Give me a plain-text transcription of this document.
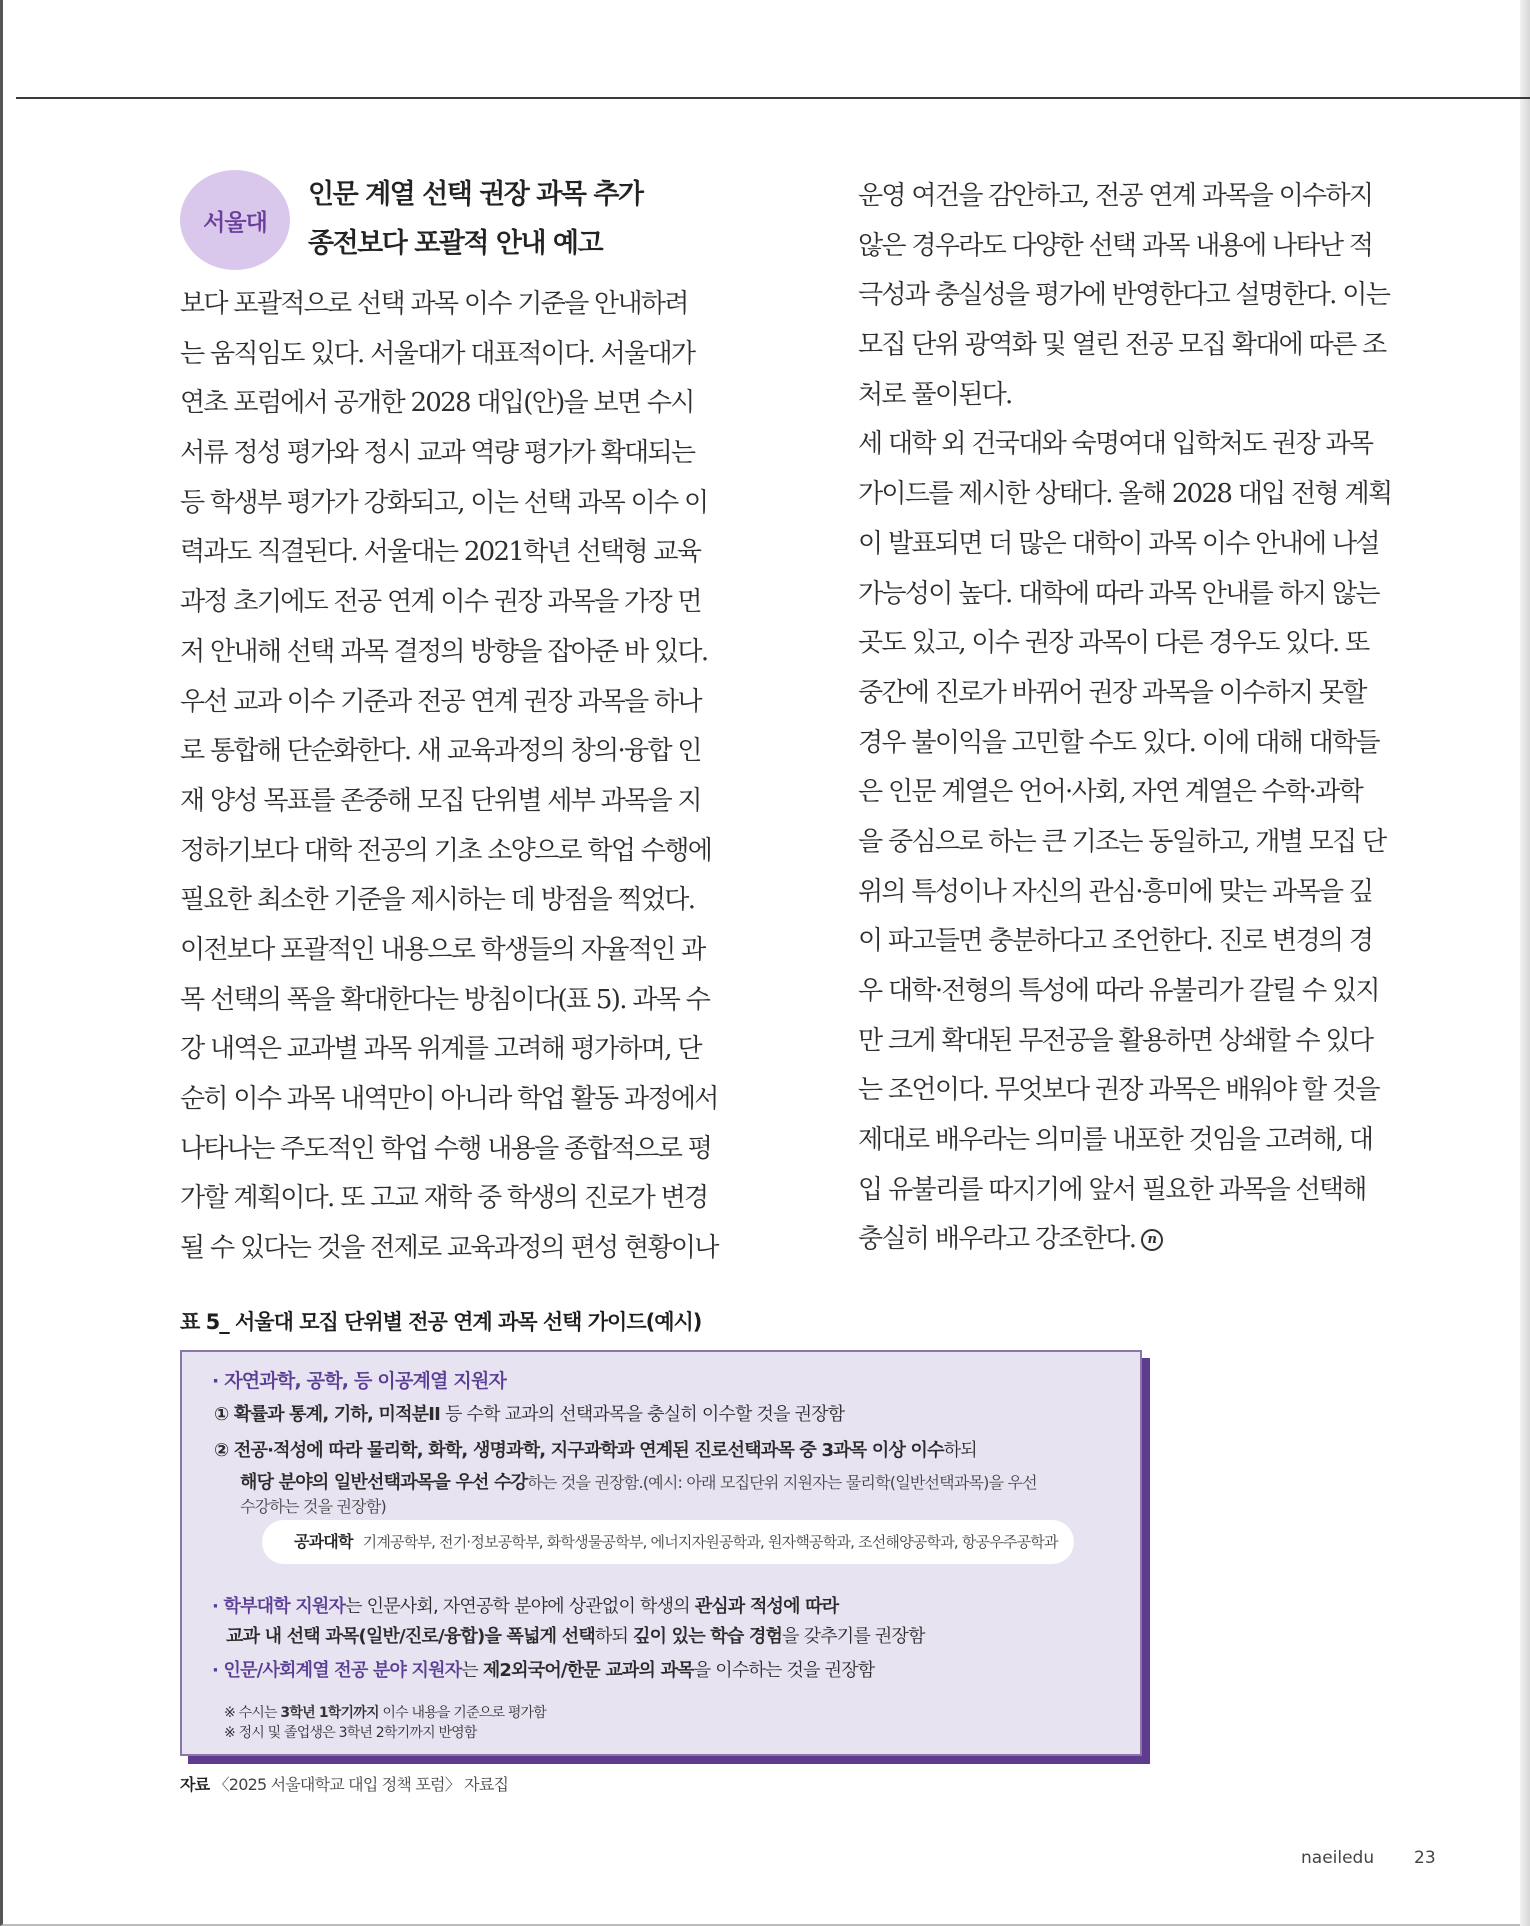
서울대
인문 계열 선택 권장 과목 추가
종전보다 포괄적 안내 예고
보다 포괄적으로 선택 과목 이수 기준을 안내하려
는 움직임도 있다. 서울대가 대표적이다. 서울대가
연초 포럼에서 공개한 2028 대입(안)을 보면 수시
서류 정성 평가와 정시 교과 역량 평가가 확대되는
등 학생부 평가가 강화되고, 이는 선택 과목 이수 이
력과도 직결된다. 서울대는 2021학년 선택형 교육
과정 초기에도 전공 연계 이수 권장 과목을 가장 먼
저 안내해 선택 과목 결정의 방향을 잡아준 바 있다.
우선 교과 이수 기준과 전공 연계 권장 과목을 하나
로 통합해 단순화한다. 새 교육과정의 창의·융합 인
재 양성 목표를 존중해 모집 단위별 세부 과목을 지
정하기보다 대학 전공의 기초 소양으로 학업 수행에
필요한 최소한 기준을 제시하는 데 방점을 찍었다.
이전보다 포괄적인 내용으로 학생들의 자율적인 과
목 선택의 폭을 확대한다는 방침이다(표 5). 과목 수
강 내역은 교과별 과목 위계를 고려해 평가하며, 단
순히 이수 과목 내역만이 아니라 학업 활동 과정에서
나타나는 주도적인 학업 수행 내용을 종합적으로 평
가할 계획이다. 또 고교 재학 중 학생의 진로가 변경
될 수 있다는 것을 전제로 교육과정의 편성 현황이나
운영 여건을 감안하고, 전공 연계 과목을 이수하지
않은 경우라도 다양한 선택 과목 내용에 나타난 적
극성과 충실성을 평가에 반영한다고 설명한다. 이는
모집 단위 광역화 및 열린 전공 모집 확대에 따른 조
처로 풀이된다.
세 대학 외 건국대와 숙명여대 입학처도 권장 과목
가이드를 제시한 상태다. 올해 2028 대입 전형 계획
이 발표되면 더 많은 대학이 과목 이수 안내에 나설
가능성이 높다. 대학에 따라 과목 안내를 하지 않는
곳도 있고, 이수 권장 과목이 다른 경우도 있다. 또
중간에 진로가 바뀌어 권장 과목을 이수하지 못할
경우 불이익을 고민할 수도 있다. 이에 대해 대학들
은 인문 계열은 언어·사회, 자연 계열은 수학·과학
을 중심으로 하는 큰 기조는 동일하고, 개별 모집 단
위의 특성이나 자신의 관심·흥미에 맞는 과목을 깊
이 파고들면 충분하다고 조언한다. 진로 변경의 경
우 대학·전형의 특성에 따라 유불리가 갈릴 수 있지
만 크게 확대된 무전공을 활용하면 상쇄할 수 있다
는 조언이다. 무엇보다 권장 과목은 배워야 할 것을
제대로 배우라는 의미를 내포한 것임을 고려해, 대
입 유불리를 따지기에 앞서 필요한 과목을 선택해
충실히 배우라고 강조한다. n
표 5_ 서울대 모집 단위별 전공 연계 과목 선택 가이드(예시)
· 자연과학, 공학, 등 이공계열 지원자
① 확률과 통계, 기하, 미적분II 등 수학 교과의 선택과목을 충실히 이수할 것을 권장함
② 전공·적성에 따라 물리학, 화학, 생명과학, 지구과학과 연계된 진로선택과목 중 3과목 이상 이수하되
해당 분야의 일반선택과목을 우선 수강하는 것을 권장함.(예시: 아래 모집단위 지원자는 물리학(일반선택과목)을 우선
수강하는 것을 권장함)
공과대학 기계공학부, 전기·정보공학부, 화학생물공학부, 에너지자원공학과, 원자핵공학과, 조선해양공학과, 항공우주공학과
· 학부대학 지원자는 인문사회, 자연공학 분야에 상관없이 학생의 관심과 적성에 따라
교과 내 선택 과목(일반/진로/융합)을 폭넓게 선택하되 깊이 있는 학습 경험을 갖추기를 권장함
· 인문/사회계열 전공 분야 지원자는 제2외국어/한문 교과의 과목을 이수하는 것을 권장함
※ 수시는 3학년 1학기까지 이수 내용을 기준으로 평가함
※ 정시 및 졸업생은 3학년 2학기까지 반영함
자료 〈2025 서울대학교 대입 정책 포럼〉 자료집
naeiledu 23
